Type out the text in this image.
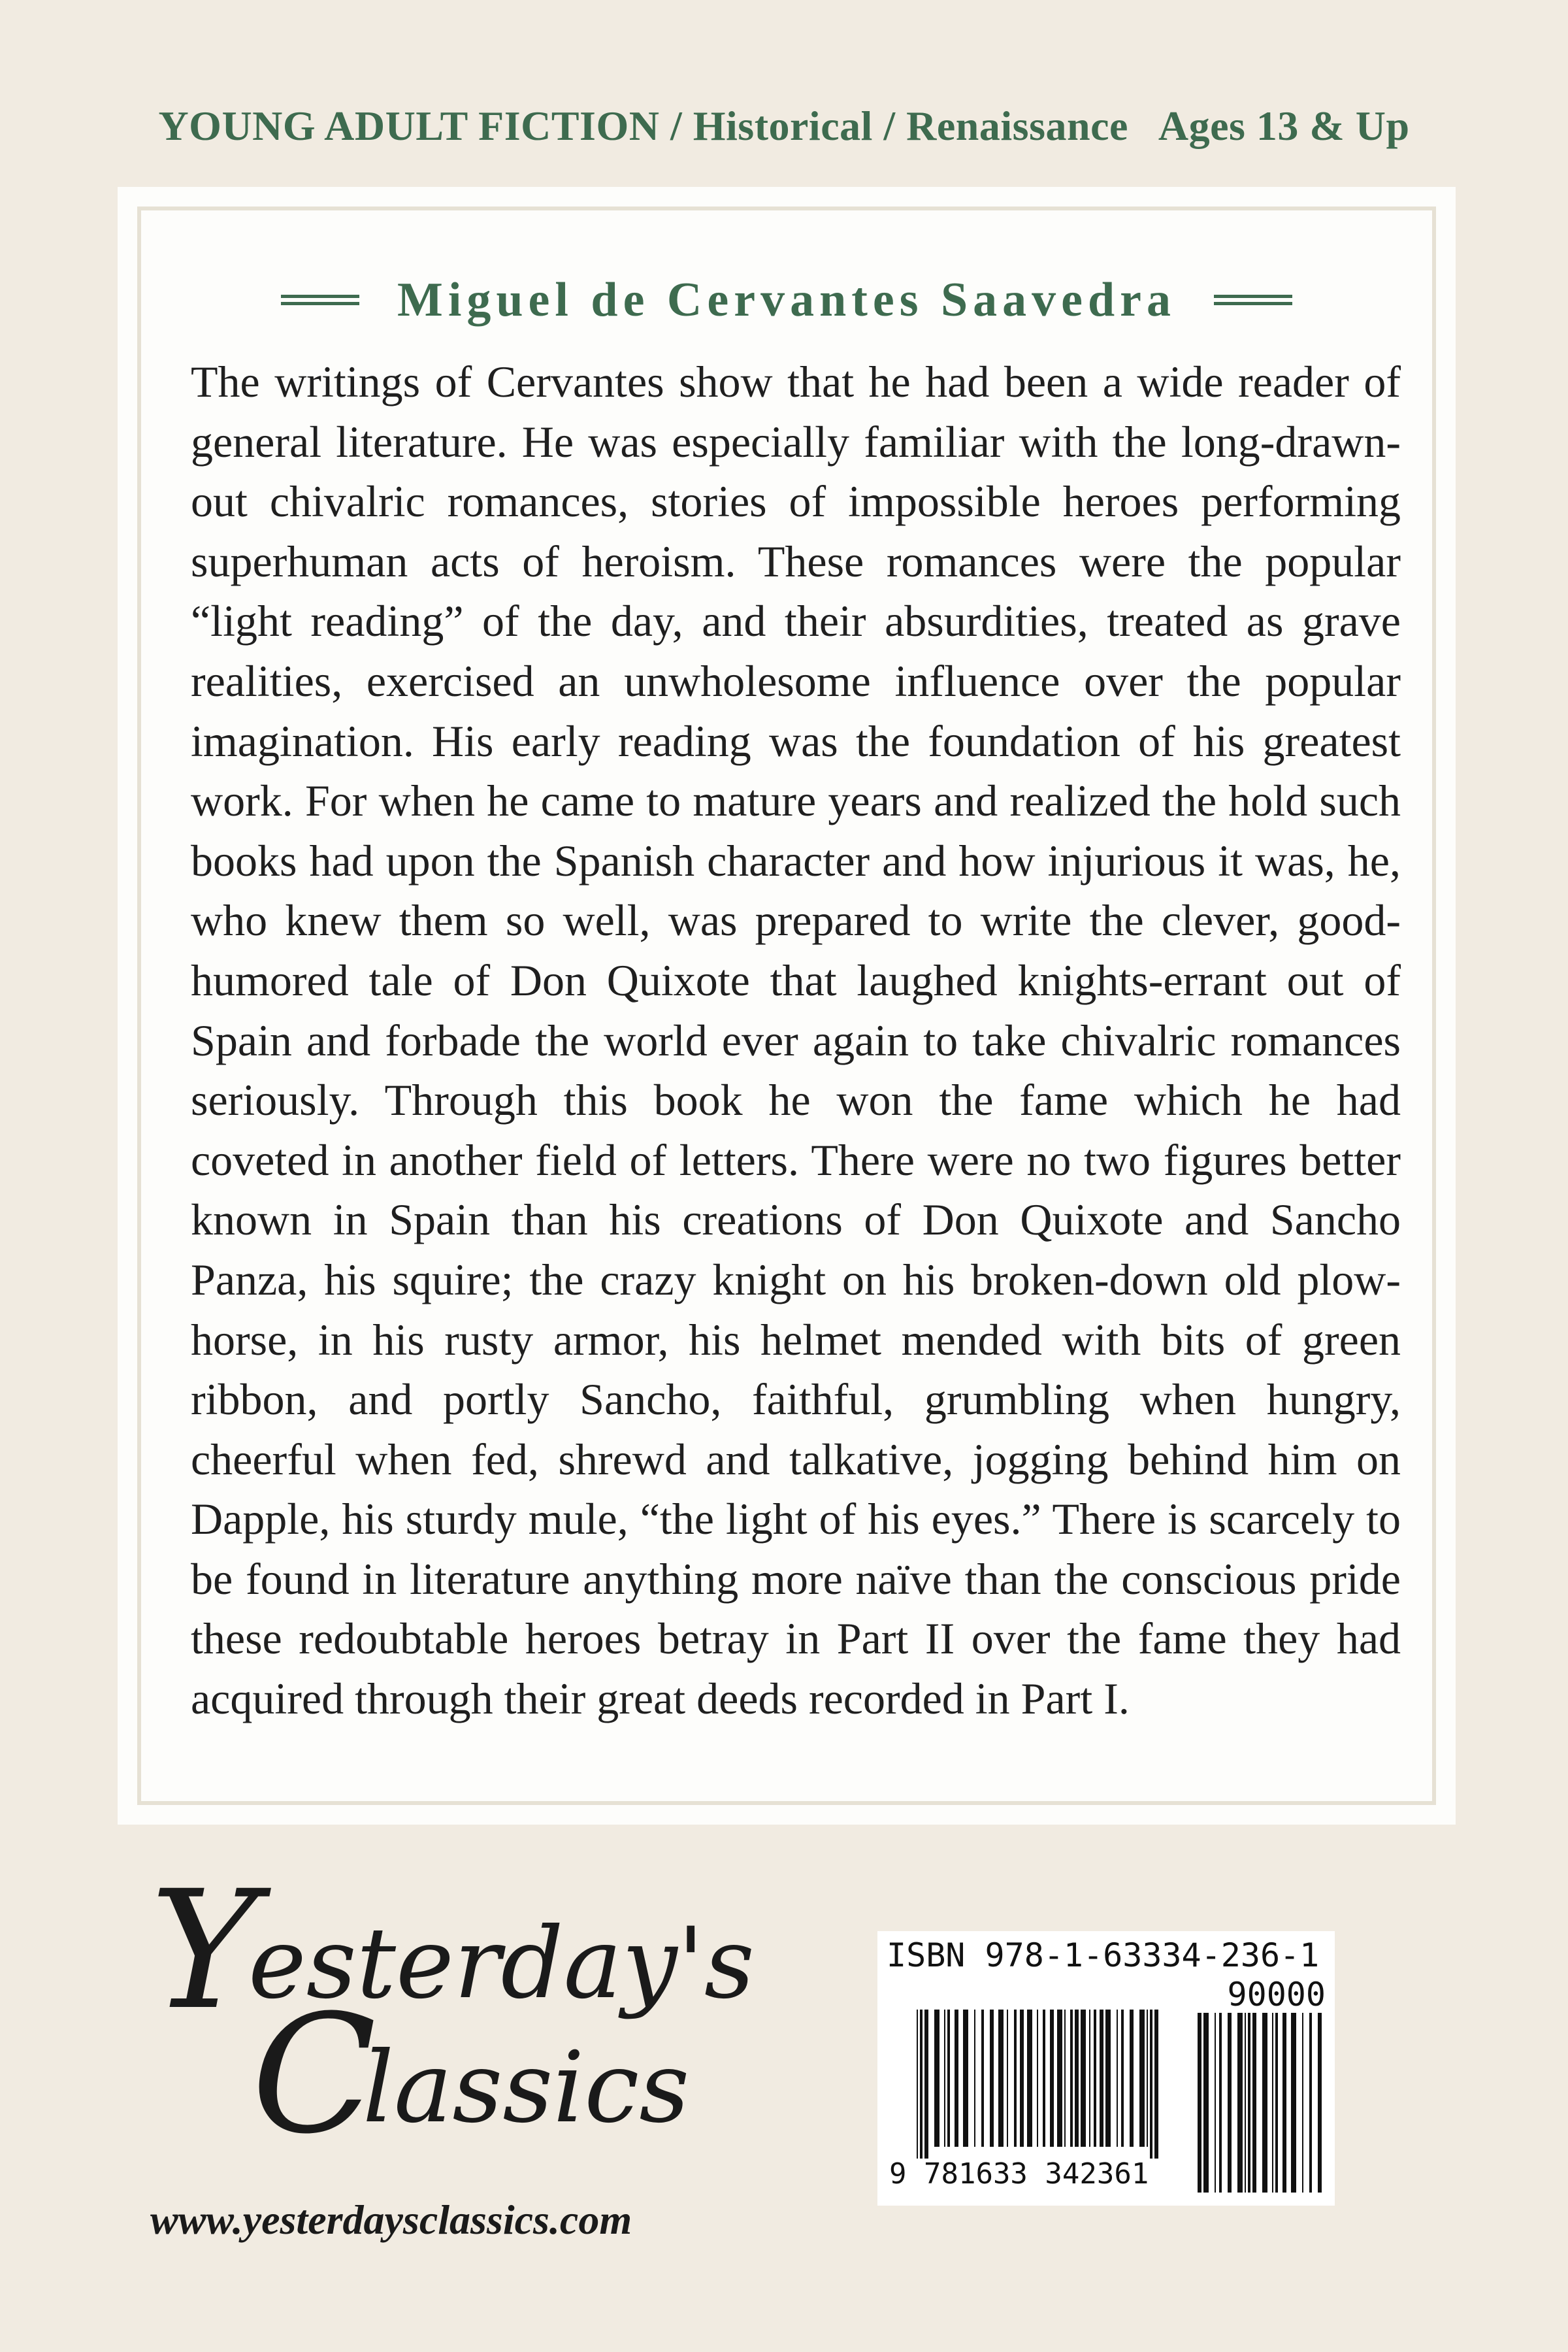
YOUNG ADULT FICTION / Historical / Renaissance Ages 13 & Up
Miguel de Cervantes Saavedra

The writings of Cervantes show that he had been a wide reader of general literature. He was especially familiar with the long-drawn-out chivalric romances, stories of impossible heroes performing superhuman acts of heroism. These romances were the popular “light reading” of the day, and their absurdities, treated as grave realities, exercised an unwholesome influence over the popular imagination. His early reading was the foundation of his greatest work. For when he came to mature years and realized the hold such books had upon the Spanish character and how injurious it was, he, who knew them so well, was prepared to write the clever, good-humored tale of Don Quixote that laughed knights-errant out of Spain and forbade the world ever again to take chivalric romances seriously. Through this book he won the fame which he had coveted in another field of letters. There were no two figures better known in Spain than his creations of Don Quixote and Sancho Panza, his squire; the crazy knight on his broken-down old plow-horse, in his rusty armor, his helmet mended with bits of green ribbon, and portly Sancho, faithful, grumbling when hungry, cheerful when fed, shrewd and talkative, jogging behind him on Dapple, his sturdy mule, “the light of his eyes.” There is scarcely to be found in literature anything more naïve than the conscious pride these redoubtable heroes betray in Part II over the fame they had acquired through their great deeds recorded in Part I.

Y
esterday's
C
lassics
www.yesterdaysclassics.com
ISBN 978-1-63334-236-1
90000
9 781633 342361
